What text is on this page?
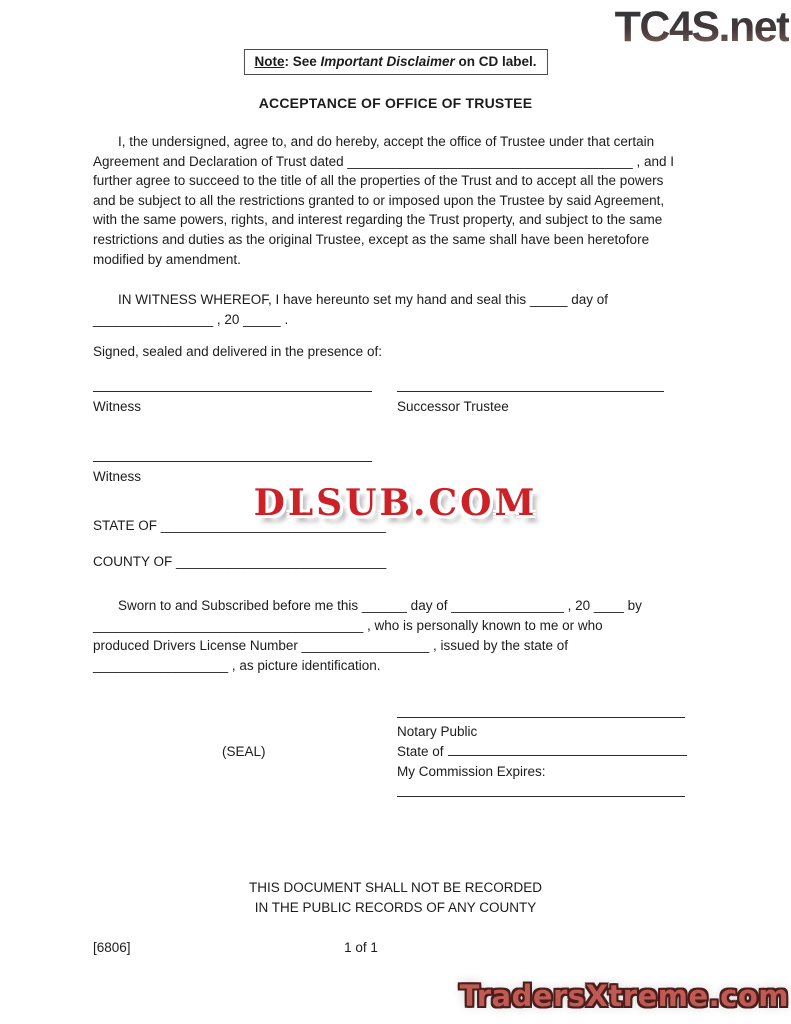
TC4S.net
Note: See Important Disclaimer on CD label.
ACCEPTANCE OF OFFICE OF TRUSTEE
I, the undersigned, agree to, and do hereby, accept the office of Trustee under that certain
Agreement and Declaration of Trust dated ______________________________________ , and I
further agree to succeed to the title of all the properties of the Trust and to accept all the powers
and be subject to all the restrictions granted to or imposed upon the Trustee by said Agreement,
with the same powers, rights, and interest regarding the Trust property, and subject to the same
restrictions and duties as the original Trustee, except as the same shall have been heretofore
modified by amendment.
IN WITNESS WHEREOF, I have hereunto set my hand and seal this _____ day of
________________ , 20 _____ .
Signed, sealed and delivered in the presence of:
Witness	Successor Trustee
Witness
DLSUB.COM
STATE OF ______________________________
COUNTY OF ____________________________
Sworn to and Subscribed before me this ______ day of _______________ , 20 ____ by
____________________________________ , who is personally known to me or who
produced Drivers License Number _________________ , issued by the state of
__________________ , as picture identification.
(SEAL)
Notary Public
State of
My Commission Expires:
THIS DOCUMENT SHALL NOT BE RECORDED
IN THE PUBLIC RECORDS OF ANY COUNTY
[6806]	1 of 1
TradersXtreme.com
